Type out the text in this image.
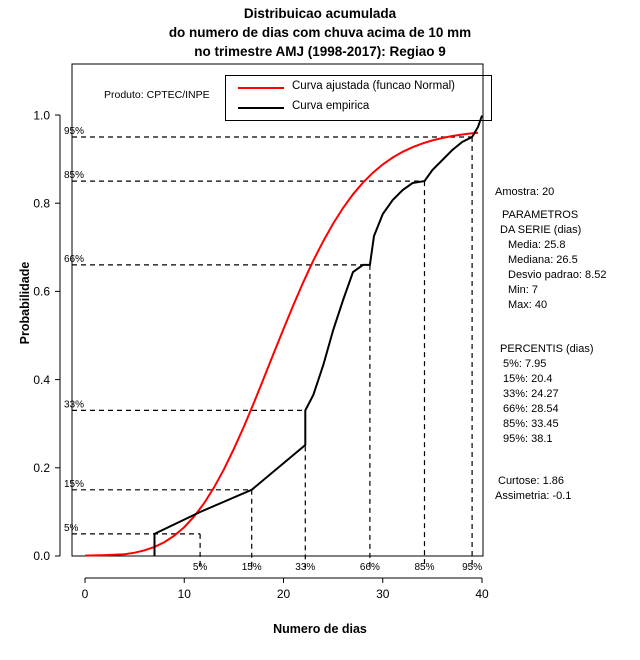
Distribuicao acumulada
do numero de dias com chuva acima de 10 mm
no trimestre AMJ (1998-2017): Regiao 9
Produto: CPTEC/INPE
Curva ajustada (funcao Normal)
Curva empirica
0.0
0.2
0.4
0.6
0.8
1.0
0	10	20	30	40
5%
15%
33%
66%
85%
95%
5%	15%	33%	66%	85%	95%
Numero de dias
Probabilidade
Amostra: 20
PARAMETROS
DA SERIE (dias)
Media: 25.8
Mediana: 26.5
Desvio padrao: 8.52
Min: 7
Max: 40
PERCENTIS (dias)
5%: 7.95
15%: 20.4
33%: 24.27
66%: 28.54
85%: 33.45
95%: 38.1
Curtose: 1.86
Assimetria: -0.1
